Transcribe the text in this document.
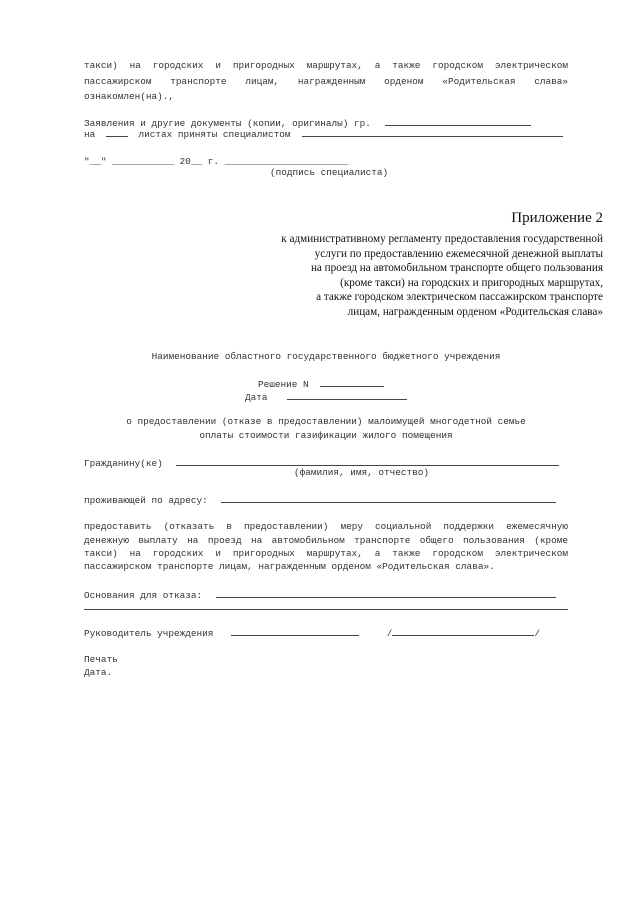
такси) на городских и пригородных маршрутах, а также городском электрическом
пассажирском транспорте лицам, награжденным орденом «Родительская слава»
ознакомлен(на).,
Заявления и другие документы (копии, оригиналы) гр.
на	листах приняты специалистом
"__" ___________ 20__ г. ______________________
(подпись специалиста)
Приложение 2
к административному регламенту предоставления государственной
услуги по предоставлению ежемесячной денежной выплаты
на проезд на автомобильном транспорте общего пользования
(кроме такси) на городских и пригородных маршрутах,
а также городском электрическом пассажирском транспорте
лицам, награжденным орденом «Родительская слава»
Наименование областного государственного бюджетного учреждения
Решение N
Дата
о предоставлении (отказе в предоставлении) малоимущей многодетной семье
оплаты стоимости газификации жилого помещения
Гражданину(ке)
(фамилия, имя, отчество)
проживающей по адресу:
предоставить (отказать в предоставлении) меру социальной поддержки ежемесячную
денежную выплату на проезд на автомобильном транспорте общего пользования (кроме
такси) на городских и пригородных маршрутах, а также городском электрическом
пассажирском транспорте лицам, награжденным орденом «Родительская слава».
Основания для отказа:
Руководитель учреждения	/	/
Печать
Дата.
